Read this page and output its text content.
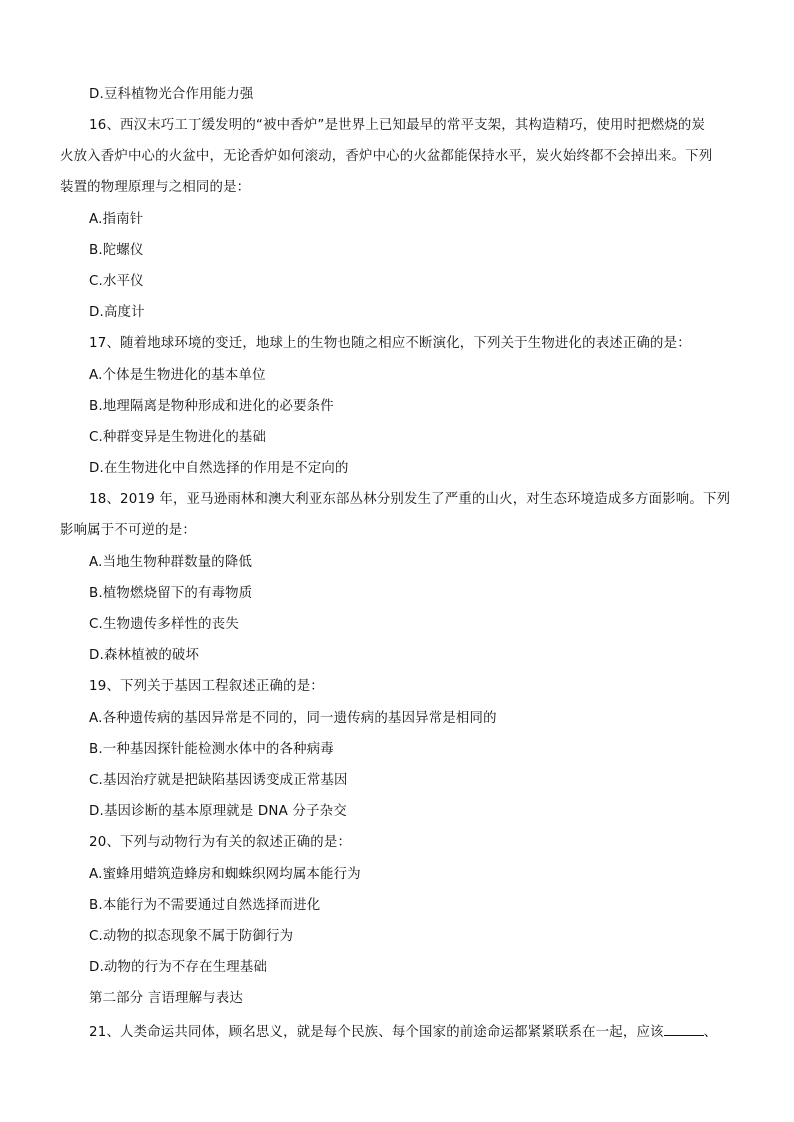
D.豆科植物光合作用能力强
16、西汉末巧工丁缓发明的“被中香炉”是世界上已知最早的常平支架，其构造精巧，使用时把燃烧的炭
火放入香炉中心的火盆中，无论香炉如何滚动，香炉中心的火盆都能保持水平，炭火始终都不会掉出来。下列
装置的物理原理与之相同的是：
A.指南针
B.陀螺仪
C.水平仪
D.高度计
17、随着地球环境的变迁，地球上的生物也随之相应不断演化，下列关于生物进化的表述正确的是：
A.个体是生物进化的基本单位
B.地理隔离是物种形成和进化的必要条件
C.种群变异是生物进化的基础
D.在生物进化中自然选择的作用是不定向的
18、2019 年，亚马逊雨林和澳大利亚东部丛林分别发生了严重的山火，对生态环境造成多方面影响。下列
影响属于不可逆的是：
A.当地生物种群数量的降低
B.植物燃烧留下的有毒物质
C.生物遗传多样性的丧失
D.森林植被的破坏
19、下列关于基因工程叙述正确的是：
A.各种遗传病的基因异常是不同的，同一遗传病的基因异常是相同的
B.一种基因探针能检测水体中的各种病毒
C.基因治疗就是把缺陷基因诱变成正常基因
D.基因诊断的基本原理就是 DNA 分子杂交
20、下列与动物行为有关的叙述正确的是：
A.蜜蜂用蜡筑造蜂房和蜘蛛织网均属本能行为
B.本能行为不需要通过自然选择而进化
C.动物的拟态现象不属于防御行为
D.动物的行为不存在生理基础
第二部分 言语理解与表达
21、人类命运共同体，顾名思义，就是每个民族、每个国家的前途命运都紧紧联系在一起，应该	、
